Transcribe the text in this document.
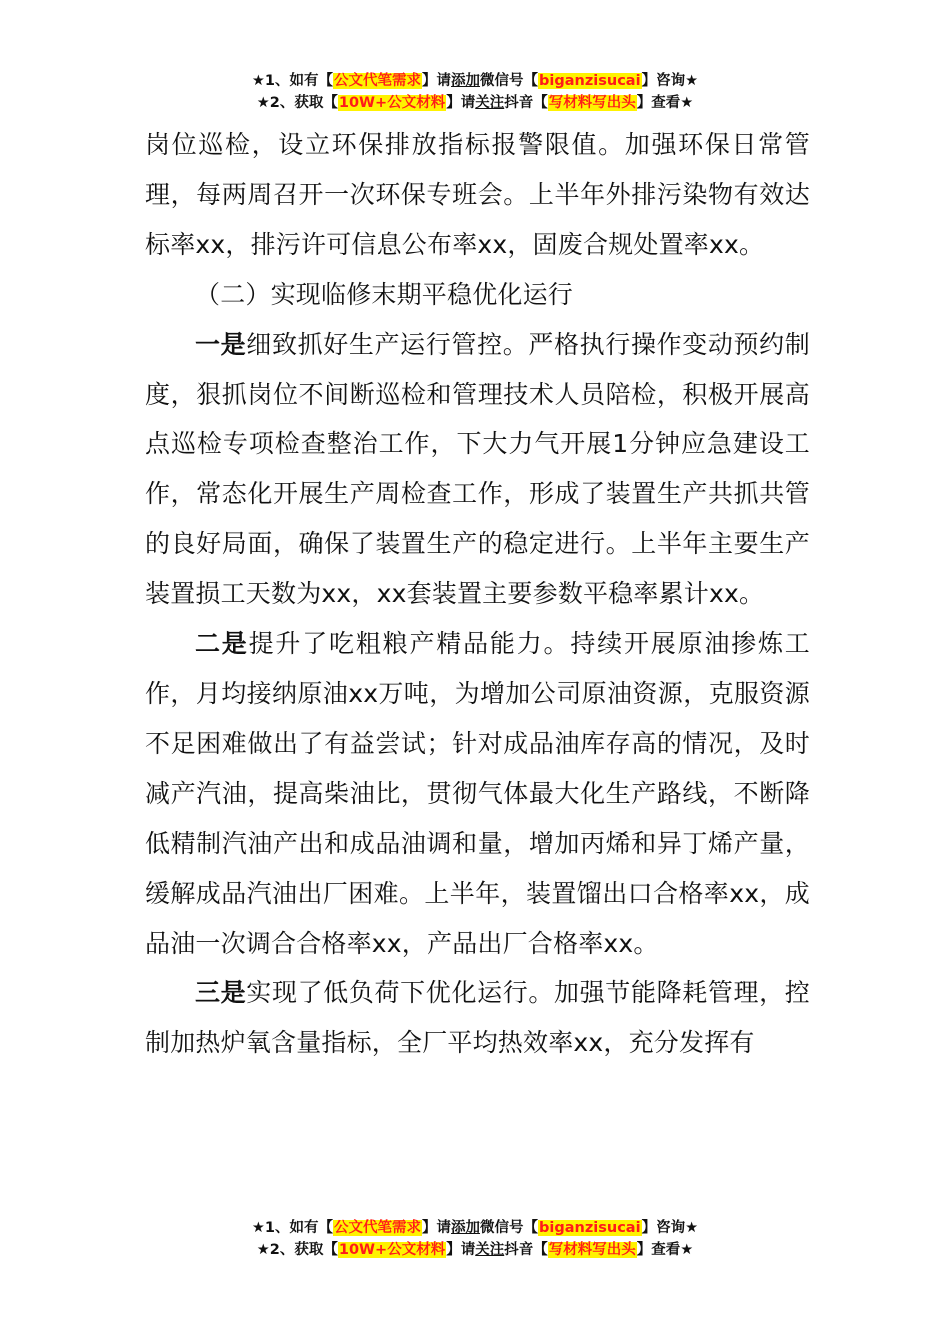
★1、如有【公文代笔需求】请添加微信号【biganzisucai】咨询★
★2、获取【10W+公文材料】请关注抖音【写材料写出头】查看★

岗位巡检，设立环保排放指标报警限值。加强环保日常管理，每两周召开一次环保专班会。上半年外排污染物有效达标率xx，排污许可信息公布率xx，固废合规处置率xx。

（二）实现临修末期平稳优化运行

一是细致抓好生产运行管控。严格执行操作变动预约制度，狠抓岗位不间断巡检和管理技术人员陪检，积极开展高点巡检专项检查整治工作，下大力气开展1分钟应急建设工作，常态化开展生产周检查工作，形成了装置生产共抓共管的良好局面，确保了装置生产的稳定进行。上半年主要生产装置损工天数为xx，xx套装置主要参数平稳率累计xx。

二是提升了吃粗粮产精品能力。持续开展原油掺炼工作，月均接纳原油xx万吨，为增加公司原油资源，克服资源不足困难做出了有益尝试；针对成品油库存高的情况，及时减产汽油，提高柴油比，贯彻气体最大化生产路线，不断降低精制汽油产出和成品油调和量，增加丙烯和异丁烯产量，缓解成品汽油出厂困难。上半年，装置馏出口合格率xx，成品油一次调合合格率xx，产品出厂合格率xx。

三是实现了低负荷下优化运行。加强节能降耗管理，控制加热炉氧含量指标，全厂平均热效率xx，充分发挥有

★1、如有【公文代笔需求】请添加微信号【biganzisucai】咨询★
★2、获取【10W+公文材料】请关注抖音【写材料写出头】查看★
